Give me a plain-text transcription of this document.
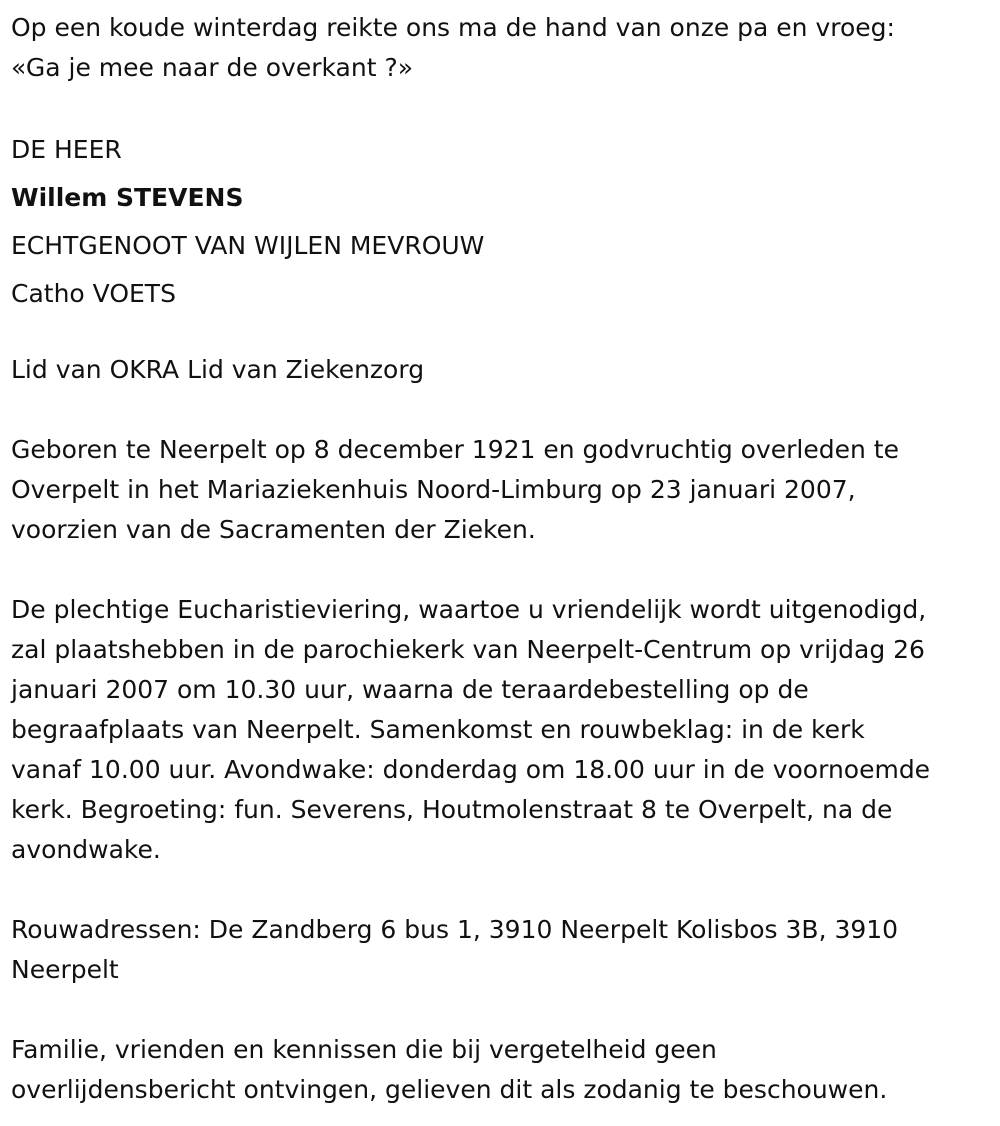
Op een koude winterdag reikte ons ma de hand van onze pa en vroeg:

«Ga je mee naar de overkant ?»

DE HEER

Willem STEVENS

ECHTGENOOT VAN WIJLEN MEVROUW

Catho VOETS

Lid van OKRA Lid van Ziekenzorg

Geboren te Neerpelt op 8 december 1921 en godvruchtig overleden te

Overpelt in het Mariaziekenhuis Noord-Limburg op 23 januari 2007,

voorzien van de Sacramenten der Zieken.

De plechtige Eucharistieviering, waartoe u vriendelijk wordt uitgenodigd,

zal plaatshebben in de parochiekerk van Neerpelt-Centrum op vrijdag 26

januari 2007 om 10.30 uur, waarna de teraardebestelling op de

begraafplaats van Neerpelt. Samenkomst en rouwbeklag: in de kerk

vanaf 10.00 uur. Avondwake: donderdag om 18.00 uur in de voornoemde

kerk. Begroeting: fun. Severens, Houtmolenstraat 8 te Overpelt, na de

avondwake.

Rouwadressen: De Zandberg 6 bus 1, 3910 Neerpelt Kolisbos 3B, 3910

Neerpelt

Familie, vrienden en kennissen die bij vergetelheid geen

overlijdensbericht ontvingen, gelieven dit als zodanig te beschouwen.
